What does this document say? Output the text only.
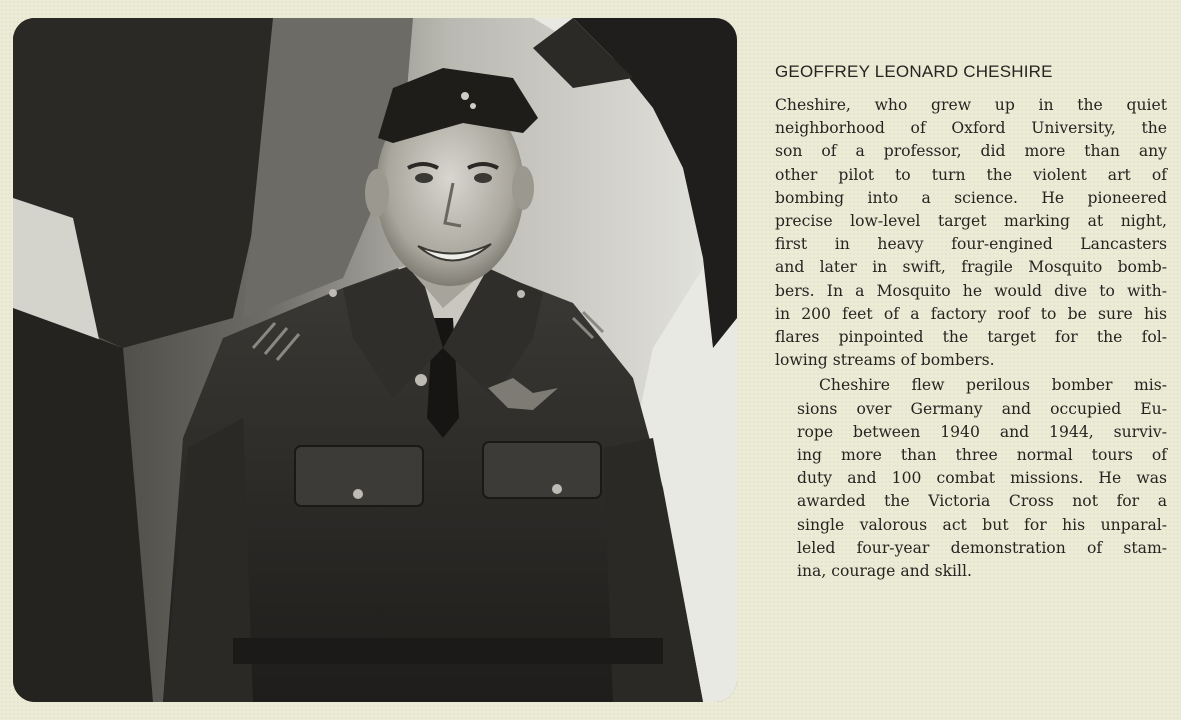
GEOFFREY LEONARD CHESHIRE

Cheshire, who grew up in the quiet
neighborhood of Oxford University, the
son of a professor, did more than any
other pilot to turn the violent art of
bombing into a science. He pioneered
precise low-level target marking at night,
first in heavy four-engined Lancasters
and later in swift, fragile Mosquito bomb-
bers. In a Mosquito he would dive to with-
in 200 feet of a factory roof to be sure his
flares pinpointed the target for the fol-
lowing streams of bombers.

Cheshire flew perilous bomber mis-
sions over Germany and occupied Eu-
rope between 1940 and 1944, surviv-
ing more than three normal tours of
duty and 100 combat missions. He was
awarded the Victoria Cross not for a
single valorous act but for his unparal-
leled four-year demonstration of stam-
ina, courage and skill.
